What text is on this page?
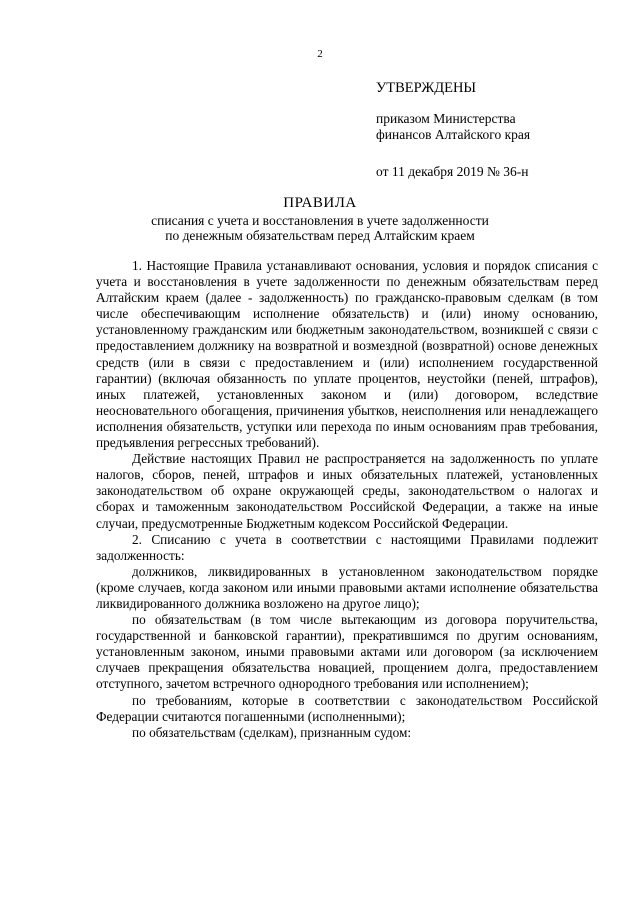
2
УТВЕРЖДЕНЫ
приказом Министерства
финансов Алтайского края
от 11 декабря 2019 № 36-н
ПРАВИЛА
списания с учета и восстановления в учете задолженности
по денежным обязательствам перед Алтайским краем

1. Настоящие Правила устанавливают основания, условия и порядок списания с учета и восстановления в учете задолженности по денежным обязательствам перед Алтайским краем (далее - задолженность) по гражданско-правовым сделкам (в том числе обеспечивающим исполнение обязательств) и (или) иному основанию, установленному гражданским или бюджетным законодательством, возникшей с связи с предоставлением должнику на возвратной и возмездной (возвратной) основе денежных средств (или в связи с предоставлением и (или) исполнением государственной гарантии) (включая обязанность по уплате процентов, неустойки (пеней, штрафов), иных платежей, установленных законом и (или) договором, вследствие неосновательного обогащения, причинения убытков, неисполнения или ненадлежащего исполнения обязательств, уступки или перехода по иным основаниям прав требования, предъявления регрессных требований).

Действие настоящих Правил не распространяется на задолженность по уплате налогов, сборов, пеней, штрафов и иных обязательных платежей, установленных законодательством об охране окружающей среды, законодательством о налогах и сборах и таможенным законодательством Российской Федерации, а также на иные случаи, предусмотренные Бюджетным кодексом Российской Федерации.

2. Списанию с учета в соответствии с настоящими Правилами подлежит задолженность:

должников, ликвидированных в установленном законодательством порядке (кроме случаев, когда законом или иными правовыми актами исполнение обязательства ликвидированного должника возложено на другое лицо);

по обязательствам (в том числе вытекающим из договора поручительства, государственной и банковской гарантии), прекратившимся по другим основаниям, установленным законом, иными правовыми актами или договором (за исключением случаев прекращения обязательства новацией, прощением долга, предоставлением отступного, зачетом встречного однородного требования или исполнением);

по требованиям, которые в соответствии с законодательством Российской Федерации считаются погашенными (исполненными);

по обязательствам (сделкам), признанным судом:
